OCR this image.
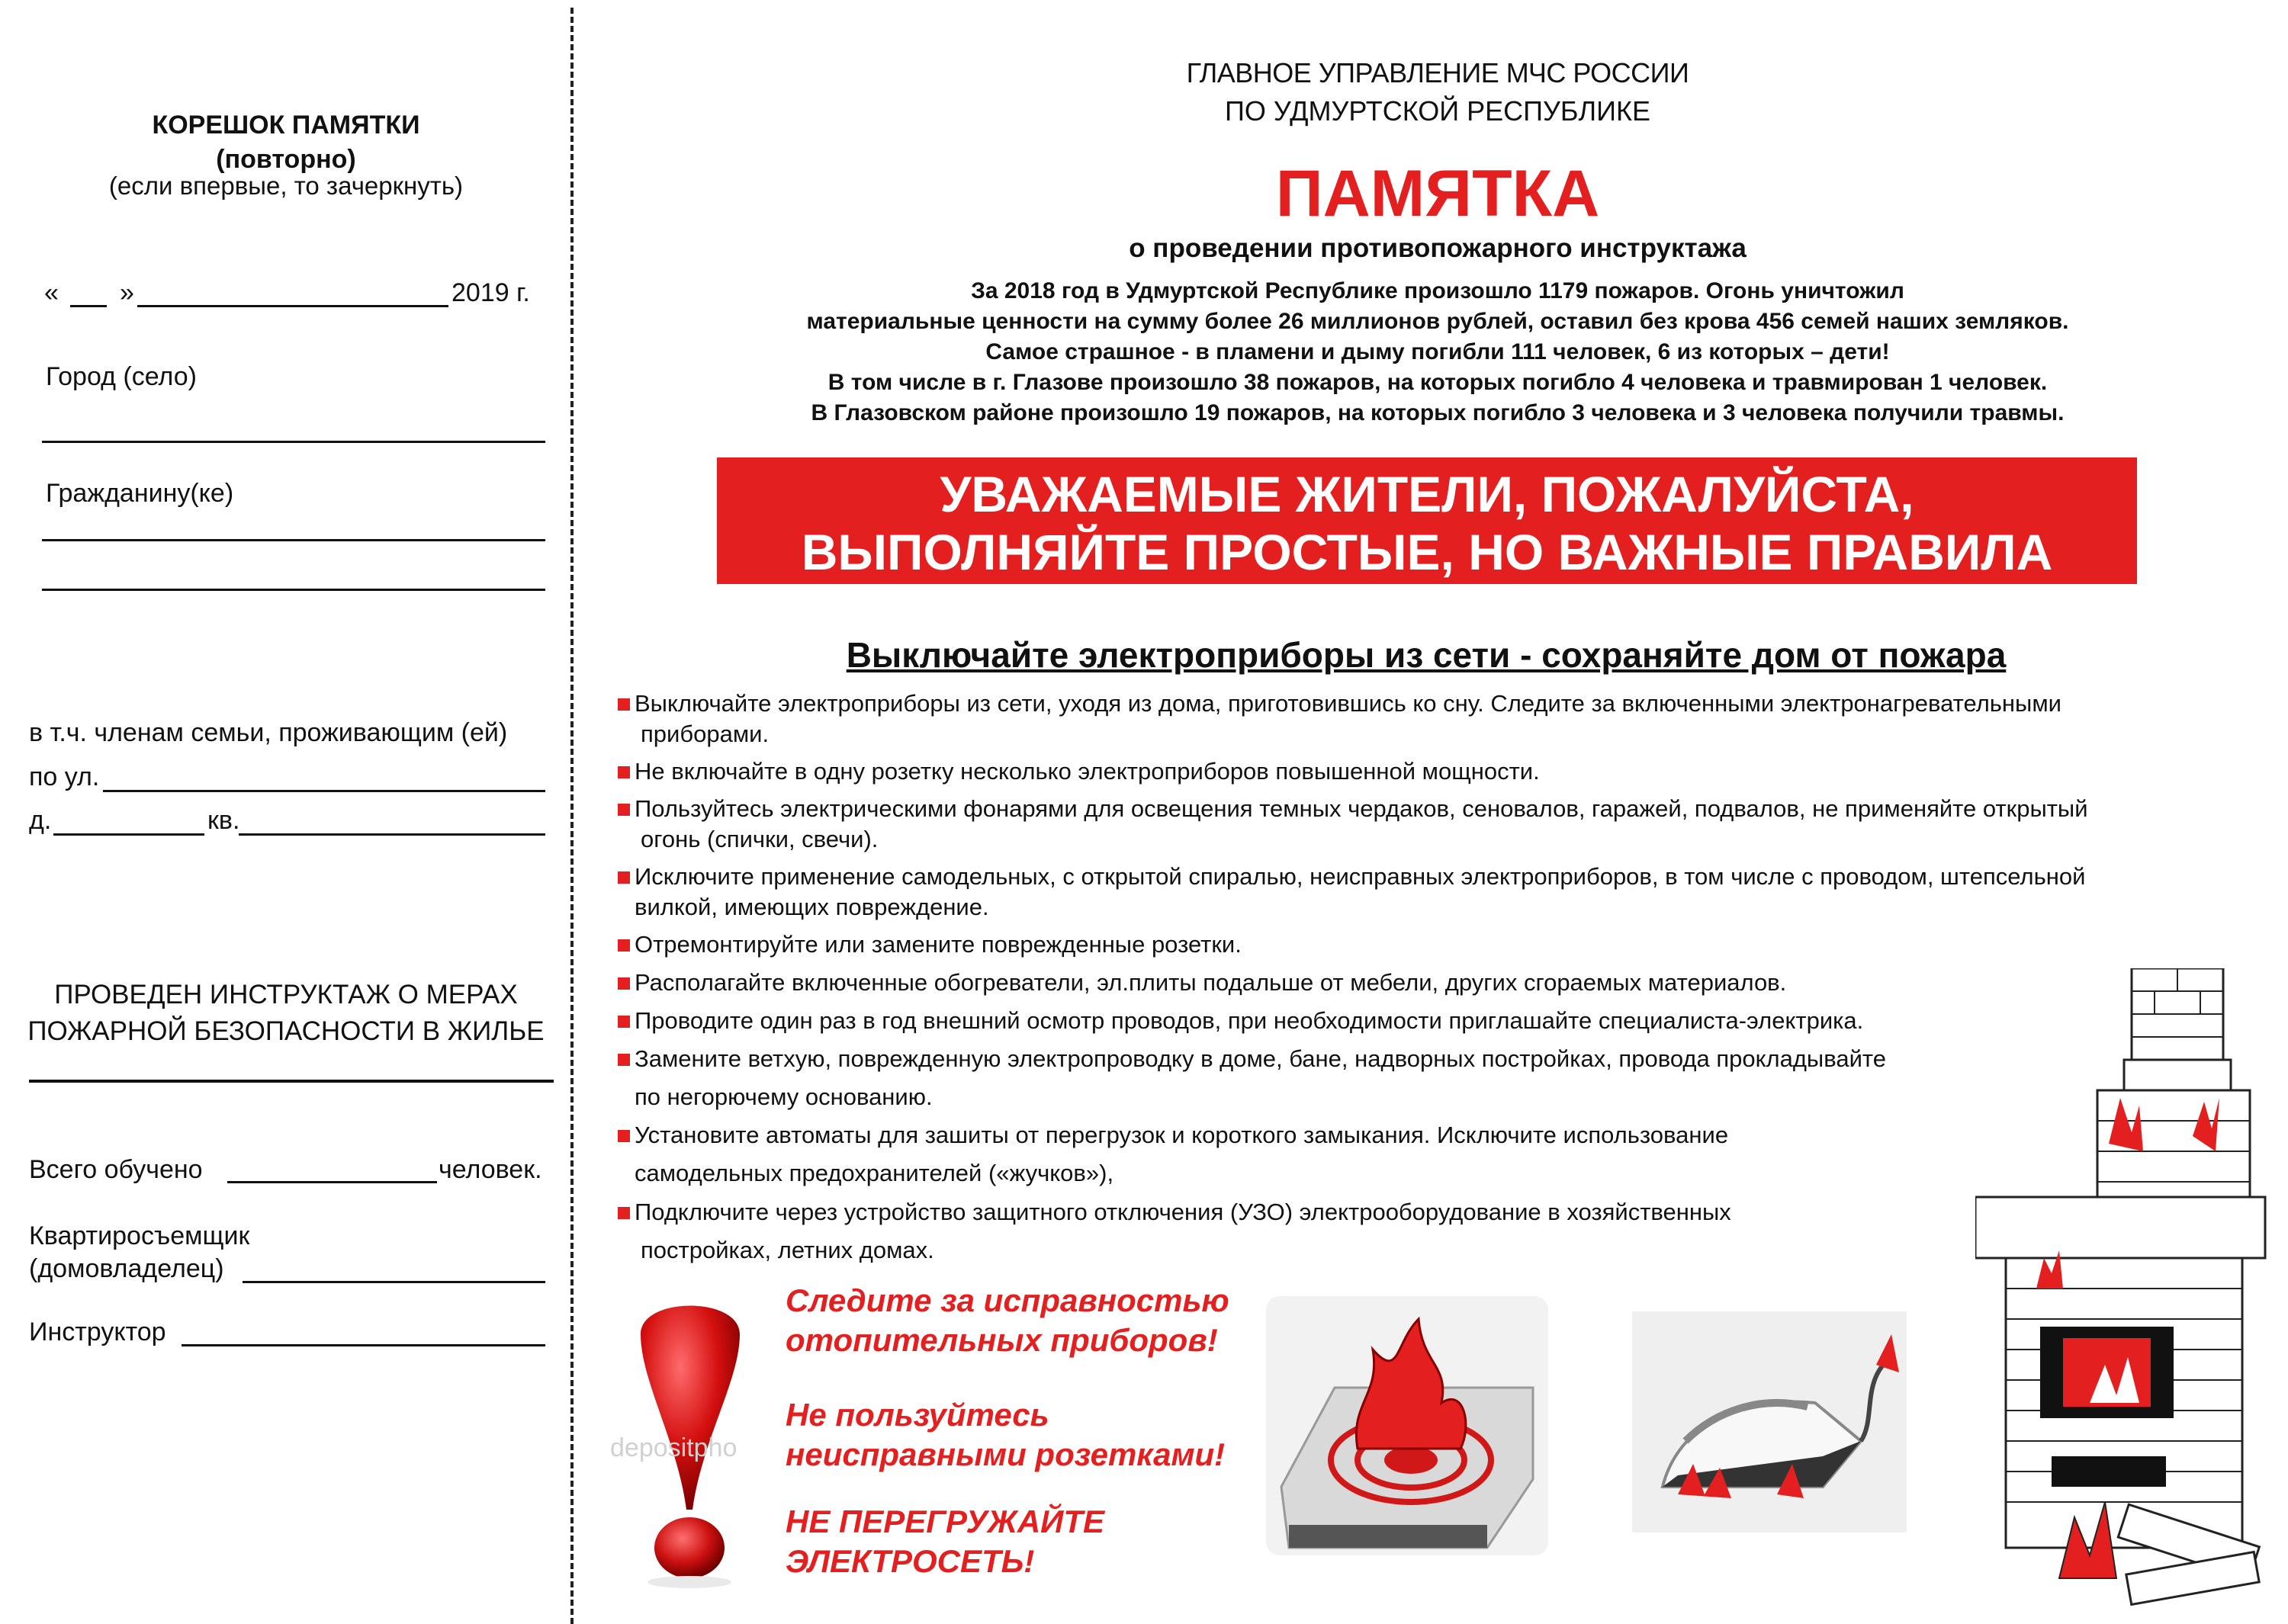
КОРЕШОК ПАМЯТКИ
(повторно)
(если впервые, то зачеркнуть)
« »	2019 г.
Город (село)
Гражданину(ке)
в т.ч. членам семьи, проживающим (ей)
по ул.
д.	кв.
ПРОВЕДЕН ИНСТРУКТАЖ О МЕРАХ
ПОЖАРНОЙ БЕЗОПАСНОСТИ В ЖИЛЬЕ
Всего обучено	человек.
Квартиросъемщик
(домовладелец)
Инструктор
ГЛАВНОЕ УПРАВЛЕНИЕ МЧС РОССИИ
ПО УДМУРТСКОЙ РЕСПУБЛИКЕ
ПАМЯТКА
о проведении противопожарного инструктажа
За 2018 год в Удмуртской Республике произошло 1179 пожаров. Огонь уничтожил
материальные ценности на сумму более 26 миллионов рублей, оставил без крова 456 семей наших земляков.
Самое страшное - в пламени и дыму погибли 111 человек, 6 из которых – дети!
В том числе в г. Глазове произошло 38 пожаров, на которых погибло 4 человека и травмирован 1 человек.
В Глазовском районе произошло 19 пожаров, на которых погибло 3 человека и 3 человека получили травмы.
УВАЖАЕМЫЕ ЖИТЕЛИ, ПОЖАЛУЙСТА,
ВЫПОЛНЯЙТЕ ПРОСТЫЕ, НО ВАЖНЫЕ ПРАВИЛА
Выключайте электроприборы из сети - сохраняйте дом от пожара
Выключайте электроприборы из сети, уходя из дома, приготовившись ко сну. Следите за включенными электронагревательными
приборами.
Не включайте в одну розетку несколько электроприборов повышенной мощности.
Пользуйтесь электрическими фонарями для освещения темных чердаков, сеновалов, гаражей, подвалов, не применяйте открытый
огонь (спички, свечи).
Исключите применение самодельных, с открытой спиралью, неисправных электроприборов, в том числе с проводом, штепсельной
вилкой, имеющих повреждение.
Отремонтируйте или замените поврежденные розетки.
Располагайте включенные обогреватели, эл.плиты подальше от мебели, других сгораемых материалов.
Проводите один раз в год внешний осмотр проводов, при необходимости приглашайте специалиста-электрика.
Замените ветхую, поврежденную электропроводку в доме, бане, надворных постройках, провода прокладывайте
по негорючему основанию.
Установите автоматы для зашиты от перегрузок и короткого замыкания. Исключите использование
самодельных предохранителей («жучков»),
Подключите через устройство защитного отключения (УЗО) электрооборудование в хозяйственных
постройках, летних домах.
depositpho
Следите за исправностью
отопительных приборов!
Не пользуйтесь
неисправными розетками!
НЕ ПЕРЕГРУЖАЙТЕ
ЭЛЕКТРОСЕТЬ!
